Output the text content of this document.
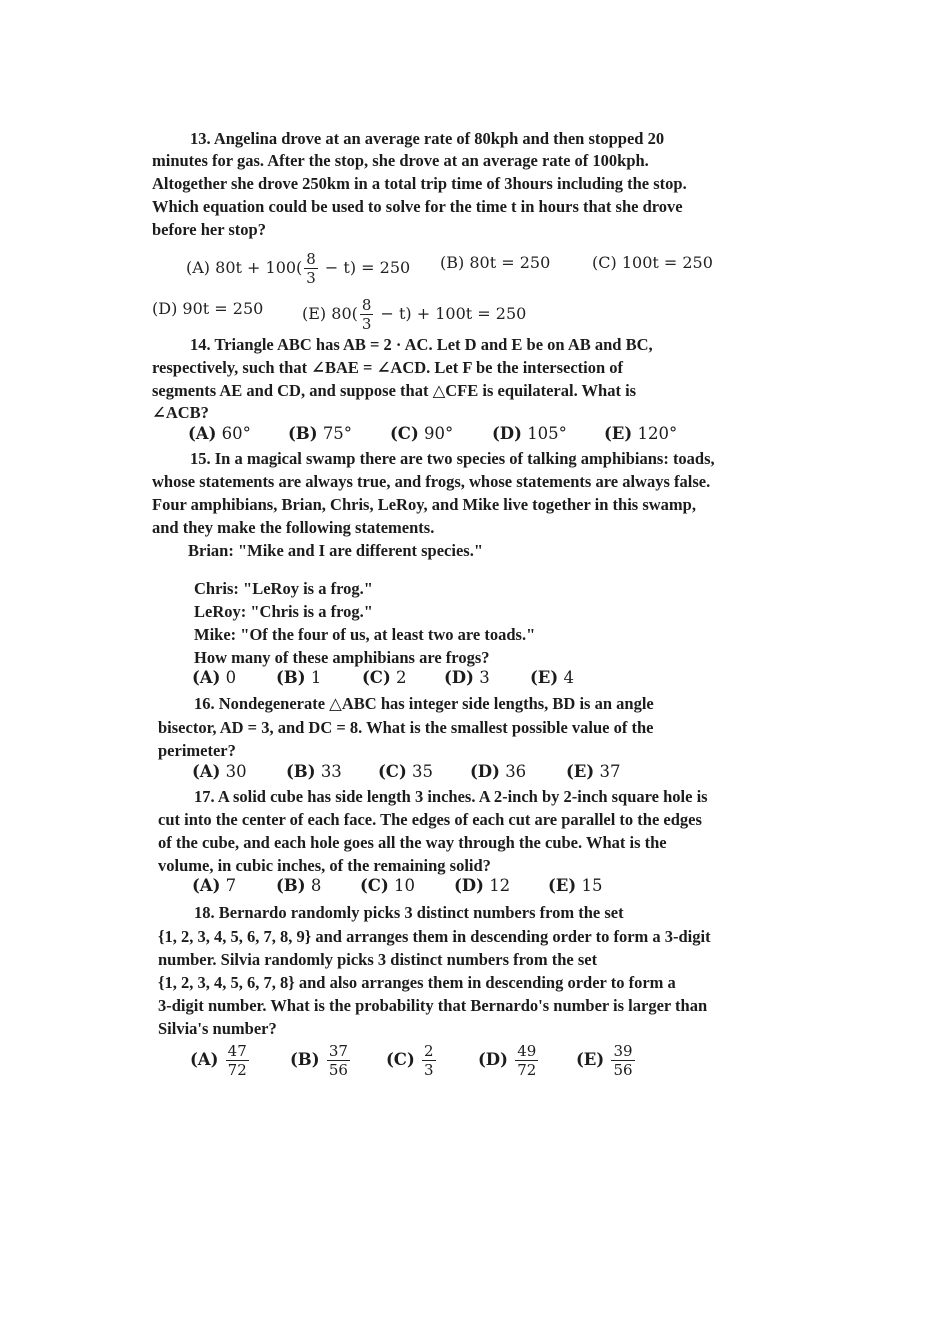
13. Angelina drove at an average rate of 80kph and then stopped 20
minutes for gas. After the stop, she drove at an average rate of 100kph.
Altogether she drove 250km in a total trip time of 3hours including the stop.
Which equation could be used to solve for the time t in hours that she drove
before her stop?
(A) $80t + 100( \frac{8}{3} - t) = 250$ (B) 80t = 250	(C) 100t = 250
(D) 90t = 250 (E) $80( \frac{8}{3} - t) + 100t = 250$
14. Triangle ABC has AB = 2 · AC. Let D and E be on AB and BC,
respectively, such that ∠BAE = ∠ACD. Let F be the intersection of
segments AE and CD, and suppose that △CFE is equilateral. What is
∠ACB?
(A) 60° (B) 75° (C) 90° (D) 105° (E) 120°
15. In a magical swamp there are two species of talking amphibians: toads,
whose statements are always true, and frogs, whose statements are always false.
Four amphibians, Brian, Chris, LeRoy, and Mike live together in this swamp,
and they make the following statements.
Brian: "Mike and I are different species."
Chris: "LeRoy is a frog."
LeRoy: "Chris is a frog."
Mike: "Of the four of us, at least two are toads."
How many of these amphibians are frogs?
(A) 0 (B) 1 (C) 2 (D) 3 (E) 4
16. Nondegenerate △ABC has integer side lengths, BD is an angle
bisector, AD = 3, and DC = 8. What is the smallest possible value of the
perimeter?
(A) 30 (B) 33 (C) 35 (D) 36 (E) 37
17. A solid cube has side length 3 inches. A 2-inch by 2-inch square hole is
cut into the center of each face. The edges of each cut are parallel to the edges
of the cube, and each hole goes all the way through the cube. What is the
volume, in cubic inches, of the remaining solid?
(A) 7 (B) 8 (C) 10 (D) 12 (E) 15
18. Bernardo randomly picks 3 distinct numbers from the set
{1, 2, 3, 4, 5, 6, 7, 8, 9} and arranges them in descending order to form a 3-digit
number. Silvia randomly picks 3 distinct numbers from the set
{1, 2, 3, 4, 5, 6, 7, 8} and also arranges them in descending order to form a
3-digit number. What is the probability that Bernardo's number is larger than
Silvia's number?
$(A) \frac{47}{72} (B) \frac{37}{56} (C) \frac{2}{3}$	$(D) \frac{49}{72} (E) \frac{39}{56}$
